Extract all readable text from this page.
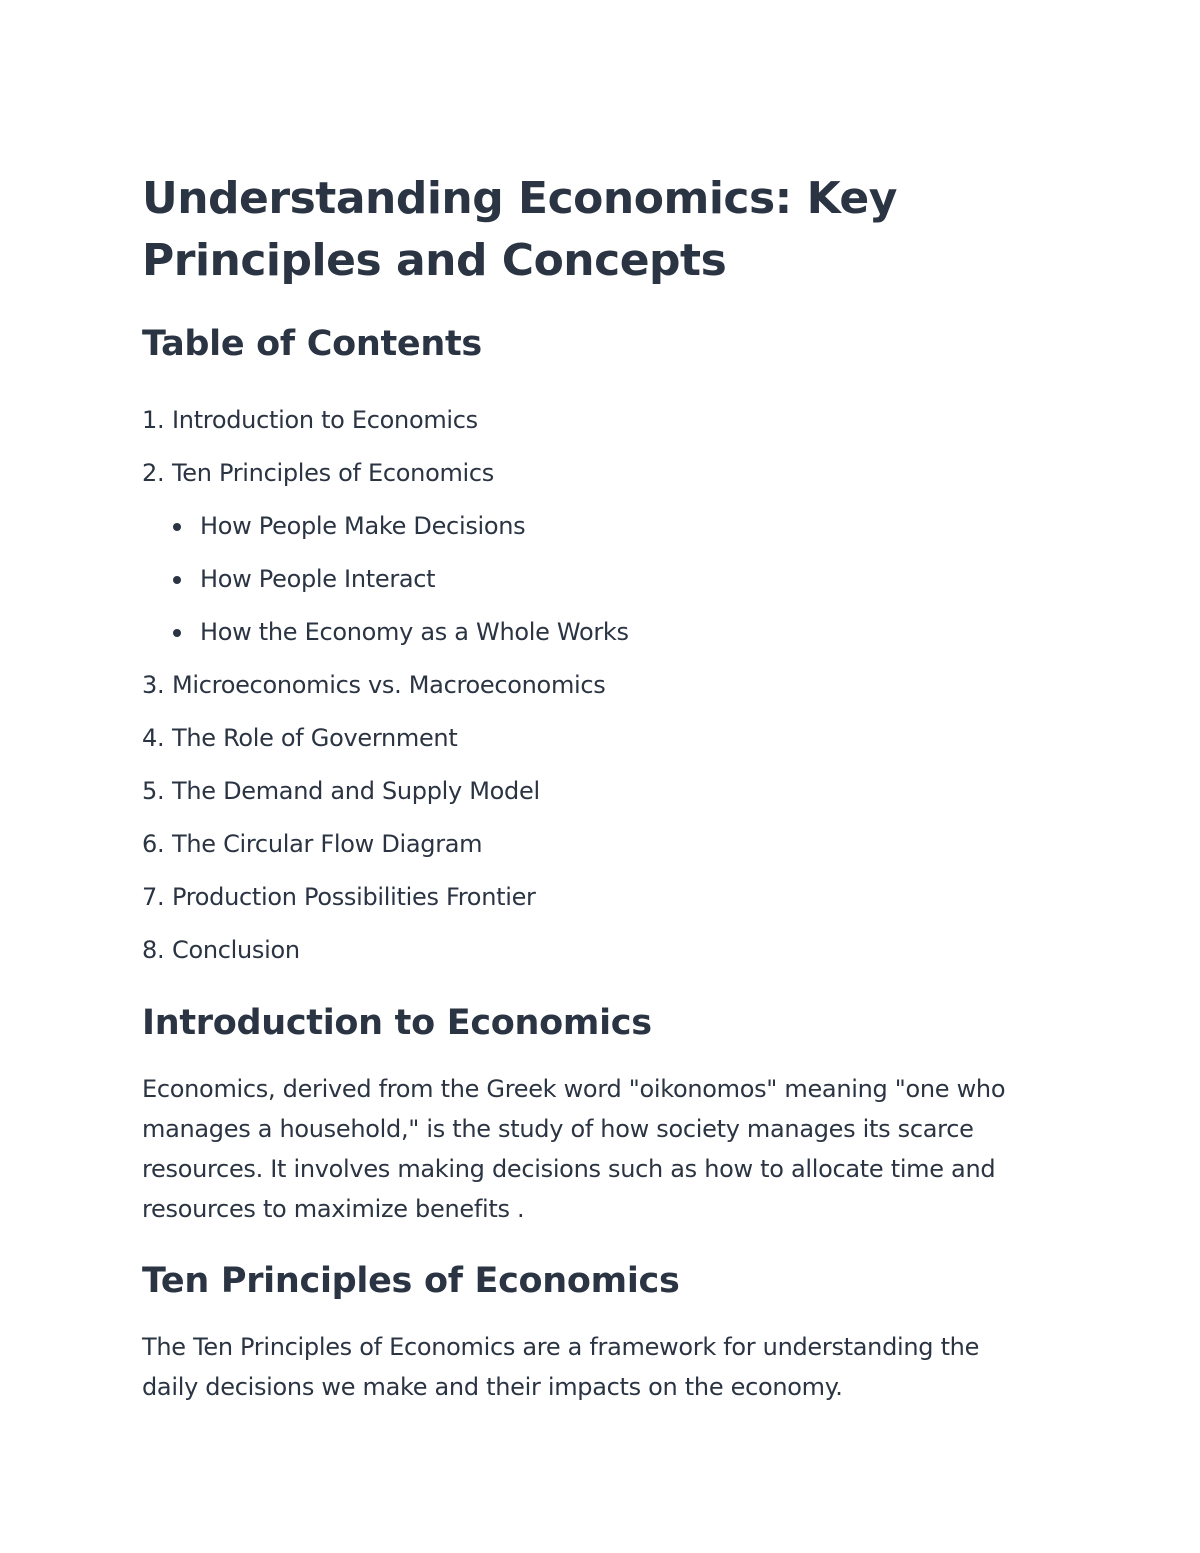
Understanding Economics: Key Principles and Concepts
Table of Contents
1. Introduction to Economics
2. Ten Principles of Economics
How People Make Decisions
How People Interact
How the Economy as a Whole Works
3. Microeconomics vs. Macroeconomics
4. The Role of Government
5. The Demand and Supply Model
6. The Circular Flow Diagram
7. Production Possibilities Frontier
8. Conclusion
Introduction to Economics

Economics, derived from the Greek word "oikonomos" meaning "one who manages a household," is the study of how society manages its scarce resources. It involves making decisions such as how to allocate time and resources to maximize benefits .

Ten Principles of Economics

The Ten Principles of Economics are a framework for understanding the daily decisions we make and their impacts on the economy.
